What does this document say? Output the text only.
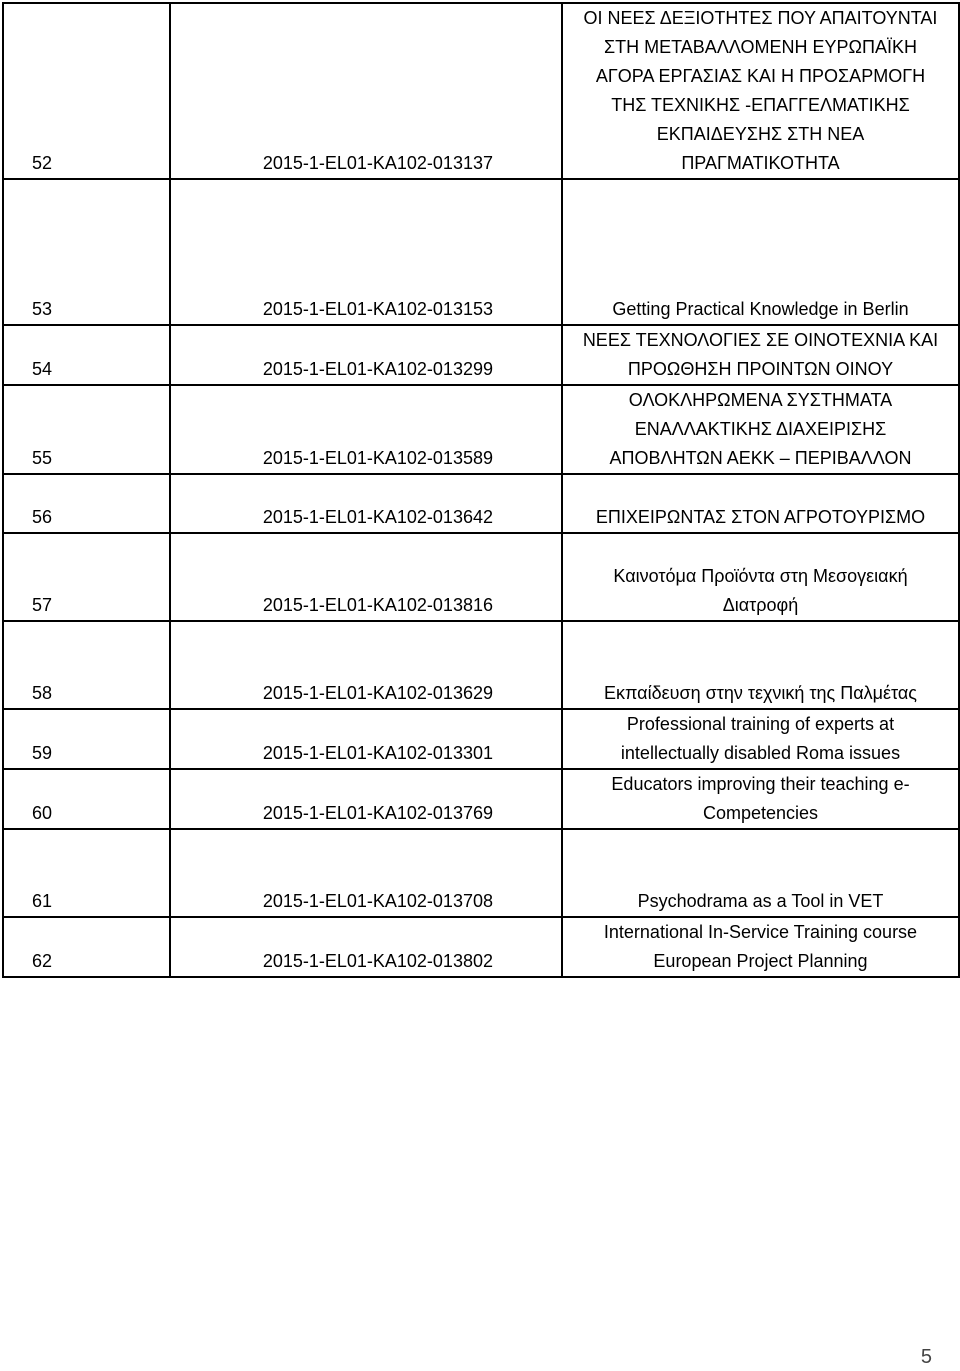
52	2015-1-EL01-KA102-013137	ΟΙ ΝΕΕΣ ΔΕΞΙΟΤΗΤΕΣ ΠΟΥ ΑΠΑΙΤΟΥΝΤΑΙ ΣΤΗ ΜΕΤΑΒΑΛΛΟΜΕΝΗ ΕΥΡΩΠΑΪΚΗ ΑΓΟΡΑ ΕΡΓΑΣΙΑΣ ΚΑΙ Η ΠΡΟΣΑΡΜΟΓΗ ΤΗΣ ΤΕΧΝΙΚΗΣ -ΕΠΑΓΓΕΛΜΑΤΙΚΗΣ ΕΚΠΑΙΔΕΥΣΗΣ ΣΤΗ ΝΕΑ ΠΡΑΓΜΑΤΙΚΟΤΗΤΑ
53	2015-1-EL01-KA102-013153	Getting Practical Knowledge in Berlin
54	2015-1-EL01-KA102-013299	ΝΕΕΣ ΤΕΧΝΟΛΟΓΙΕΣ ΣΕ ΟΙΝΟΤΕΧΝΙΑ ΚΑΙ ΠΡΟΩΘΗΣΗ ΠΡΟΙΝΤΩΝ ΟΙΝΟΥ
55	2015-1-EL01-KA102-013589	ΟΛΟΚΛΗΡΩΜΕΝΑ ΣΥΣΤΗΜΑΤΑ ΕΝΑΛΛΑΚΤΙΚΗΣ ΔΙΑΧΕΙΡΙΣΗΣ ΑΠΟΒΛΗΤΩΝ ΑΕΚΚ – ΠΕΡΙΒΑΛΛΟΝ
56	2015-1-EL01-KA102-013642	ΕΠΙΧΕΙΡΩΝΤΑΣ ΣΤΟΝ ΑΓΡΟΤΟΥΡΙΣΜΟ
57	2015-1-EL01-KA102-013816	Καινοτόμα Προϊόντα στη Μεσογειακή Διατροφή
58	2015-1-EL01-KA102-013629	Εκπαίδευση στην τεχνική της Παλμέτας
59	2015-1-EL01-KA102-013301	Professional training of experts at intellectually disabled Roma issues
60	2015-1-EL01-KA102-013769	Educators improving their teaching e-Competencies
61	2015-1-EL01-KA102-013708	Psychodrama as a Tool in VET
62	2015-1-EL01-KA102-013802	International In-Service Training course European Project Planning
5
